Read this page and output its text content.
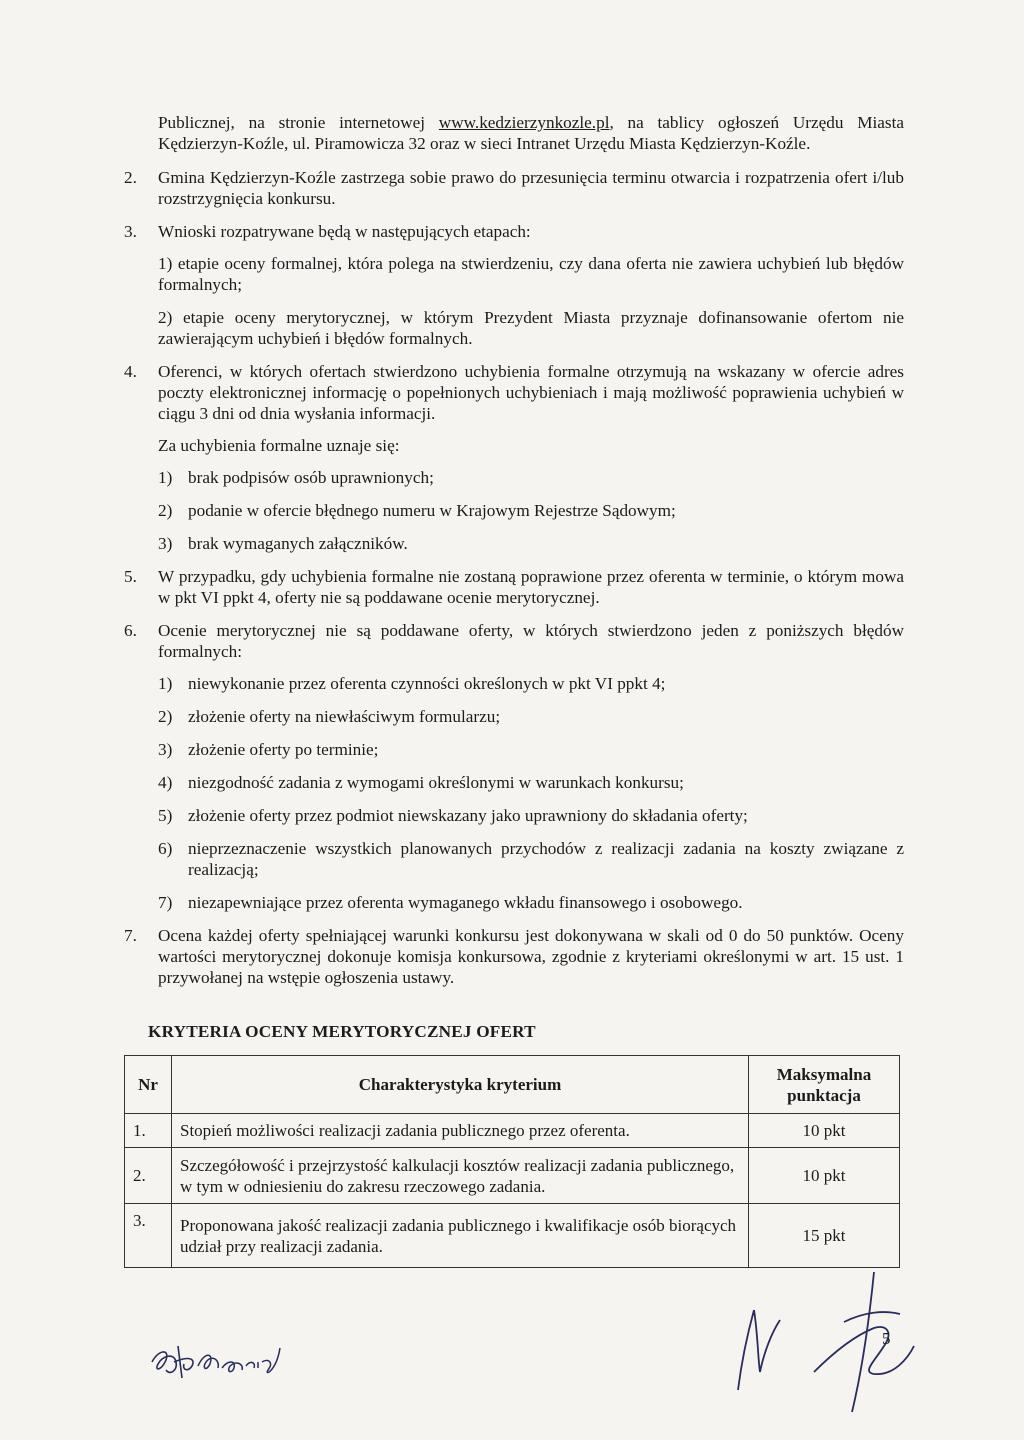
Publicznej, na stronie internetowej www.kedzierzynkozle.pl, na tablicy ogłoszeń Urzędu Miasta Kędzierzyn-Koźle, ul. Piramowicza 32 oraz w sieci Intranet Urzędu Miasta Kędzierzyn-Koźle.

2.	Gmina Kędzierzyn-Koźle zastrzega sobie prawo do przesunięcia terminu otwarcia i rozpatrzenia ofert i/lub rozstrzygnięcia konkursu.
3.	Wnioski rozpatrywane będą w następujących etapach:
1) etapie oceny formalnej, która polega na stwierdzeniu, czy dana oferta nie zawiera uchybień lub błędów formalnych;
2) etapie oceny merytorycznej, w którym Prezydent Miasta przyznaje dofinansowanie ofertom nie zawierającym uchybień i błędów formalnych.
4.	Oferenci, w których ofertach stwierdzono uchybienia formalne otrzymują na wskazany w ofercie adres poczty elektronicznej informację o popełnionych uchybieniach i mają możliwość poprawienia uchybień w ciągu 3 dni od dnia wysłania informacji.
Za uchybienia formalne uznaje się:
1) brak podpisów osób uprawnionych;
2) podanie w ofercie błędnego numeru w Krajowym Rejestrze Sądowym;
3) brak wymaganych załączników.
5.	W przypadku, gdy uchybienia formalne nie zostaną poprawione przez oferenta w terminie, o którym mowa w pkt VI ppkt 4, oferty nie są poddawane ocenie merytorycznej.
6.	Ocenie merytorycznej nie są poddawane oferty, w których stwierdzono jeden z poniższych błędów formalnych:
1) niewykonanie przez oferenta czynności określonych w pkt VI ppkt 4;
2) złożenie oferty na niewłaściwym formularzu;
3) złożenie oferty po terminie;
4) niezgodność zadania z wymogami określonymi w warunkach konkursu;
5) złożenie oferty przez podmiot niewskazany jako uprawniony do składania oferty;
6) nieprzeznaczenie wszystkich planowanych przychodów z realizacji zadania na koszty związane z realizacją;
7) niezapewniające przez oferenta wymaganego wkładu finansowego i osobowego.
7.	Ocena każdej oferty spełniającej warunki konkursu jest dokonywana w skali od 0 do 50 punktów. Oceny wartości merytorycznej dokonuje komisja konkursowa, zgodnie z kryteriami określonymi w art. 15 ust. 1 przywołanej na wstępie ogłoszenia ustawy.
KRYTERIA OCENY MERYTORYCZNEJ OFERT
Nr	Charakterystyka kryterium	Maksymalna punktacja
1.	Stopień możliwości realizacji zadania publicznego przez oferenta.	10 pkt
2.	Szczegółowość i przejrzystość kalkulacji kosztów realizacji zadania publicznego, w tym w odniesieniu do zakresu rzeczowego zadania.	10 pkt
3.	Proponowana jakość realizacji zadania publicznego i kwalifikacje osób biorących udział przy realizacji zadania.	15 pkt
5
